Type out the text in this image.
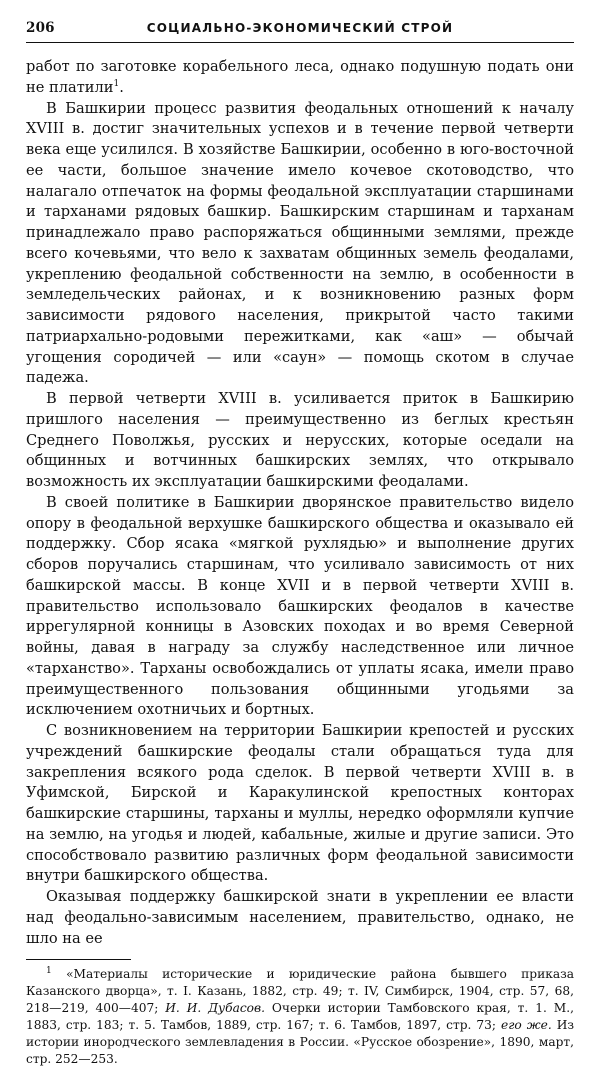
206	СОЦИАЛЬНО-ЭКОНОМИЧЕСКИЙ СТРОЙ

работ по заготовке корабельного леса, однако подушную подать они не платили$^1$.

В Башкирии процесс развития феодальных отношений к началу XVIII в. достиг значительных успехов и в течение первой четверти века еще усилился. В хозяйстве Башкирии, особенно в юго-восточной ее части, большое значение имело кочевое скотоводство, что налагало отпечаток на формы феодальной эксплуатации старшинами и тарханами рядовых башкир. Башкирским старшинам и тарханам принадлежало право распоряжаться общинными землями, прежде всего кочевьями, что вело к захватам общинных земель феодалами, укреплению феодальной собственности на землю, в особенности в земледельческих районах, и к возникновению разных форм зависимости рядового населения, прикрытой часто такими патриархально-родовыми пережитками, как «аш» — обычай угощения сородичей — или «саун» — помощь скотом в случае падежа.

В первой четверти XVIII в. усиливается приток в Башкирию пришлого населения — преимущественно из беглых крестьян Среднего Поволжья, русских и нерусских, которые оседали на общинных и вотчинных башкирских землях, что открывало возможность их эксплуатации башкирскими феодалами.

В своей политике в Башкирии дворянское правительство видело опору в феодальной верхушке башкирского общества и оказывало ей поддержку. Сбор ясака «мягкой рухлядью» и выполнение других сборов поручались старшинам, что усиливало зависимость от них башкирской массы. В конце XVII и в первой четверти XVIII в. правительство использовало башкирских феодалов в качестве иррегулярной конницы в Азовских походах и во время Северной войны, давая в награду за службу наследственное или личное «тарханство». Тарханы освобождались от уплаты ясака, имели право преимущественного пользования общинными угодьями за исключением охотничьих и бортных.

С возникновением на территории Башкирии крепостей и русских учреждений башкирские феодалы стали обращаться туда для закрепления всякого рода сделок. В первой четверти XVIII в. в Уфимской, Бирской и Каракулинской крепостных конторах башкирские старшины, тарханы и муллы, нередко оформляли купчие на землю, на угодья и людей, кабальные, жилые и другие записи. Это способствовало развитию различных форм феодальной зависимости внутри башкирского общества.

Оказывая поддержку башкирской знати в укреплении ее власти над феодально-зависимым населением, правительство, однако, не шло на ее

$^1$ «Материалы исторические и юридические района бывшего приказа Казанского дворца», т. I. Казань, 1882, стр. 49; т. IV, Симбирск, 1904, стр. 57, 68, 218—219, 400—407; И. И. Дубасов. Очерки истории Тамбовского края, т. 1. М., 1883, стр. 183; т. 5. Тамбов, 1889, стр. 167; т. 6. Тамбов, 1897, стр. 73; его же. Из истории инородческого землевладения в России. «Русское обозрение», 1890, март, стр. 252—253.
